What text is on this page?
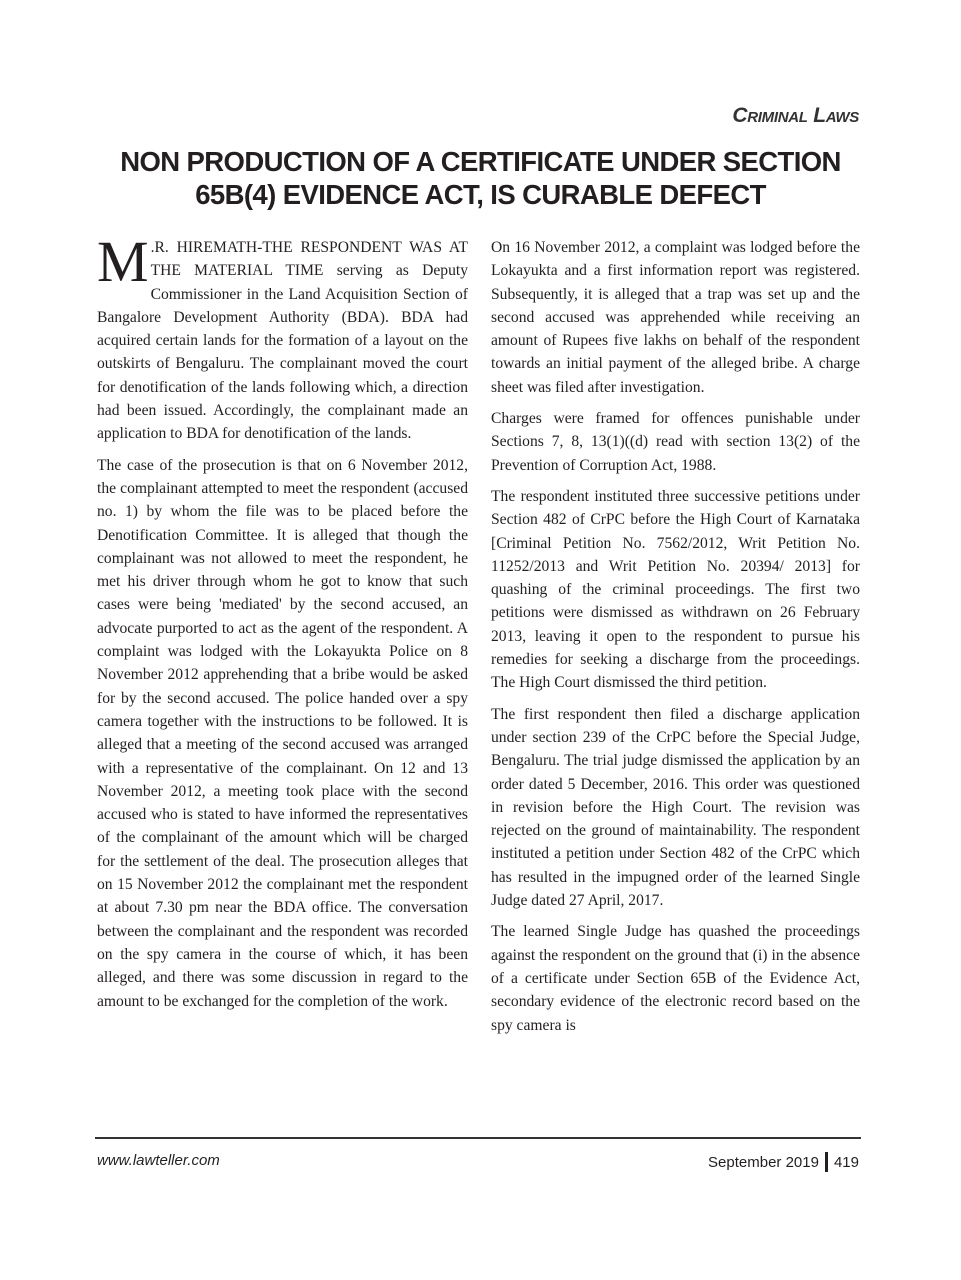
Criminal Laws
NON PRODUCTION OF A CERTIFICATE UNDER SECTION
65B(4) EVIDENCE ACT, IS CURABLE DEFECT

M .R. HIREMATH-THE RESPONDENT WAS AT THE MATERIAL TIME serving as Deputy Commissioner in the Land Acquisition Section of Bangalore Development Authority (BDA). BDA had acquired certain lands for the formation of a layout on the outskirts of Bengaluru. The complainant moved the court for denotification of the lands following which, a direction had been issued. Accordingly, the complainant made an application to BDA for denotification of the lands.

The case of the prosecution is that on 6 November 2012, the complainant attempted to meet the respondent (accused no. 1) by whom the file was to be placed before the Denotification Committee. It is alleged that though the complainant was not allowed to meet the respondent, he met his driver through whom he got to know that such cases were being 'mediated' by the second accused, an advocate purported to act as the agent of the respondent. A complaint was lodged with the Lokayukta Police on 8 November 2012 apprehending that a bribe would be asked for by the second accused. The police handed over a spy camera together with the instructions to be followed. It is alleged that a meeting of the second accused was arranged with a representative of the complainant. On 12 and 13 November 2012, a meeting took place with the second accused who is stated to have informed the representatives of the complainant of the amount which will be charged for the settlement of the deal. The prosecution alleges that on 15 November 2012 the complainant met the respondent at about 7.30 pm near the BDA office. The conversation between the complainant and the respondent was recorded on the spy camera in the course of which, it has been alleged, and there was some discussion in regard to the amount to be exchanged for the completion of the work.

On 16 November 2012, a complaint was lodged before the Lokayukta and a first information report was registered. Subsequently, it is alleged that a trap was set up and the second accused was apprehended while receiving an amount of Rupees five lakhs on behalf of the respondent towards an initial payment of the alleged bribe. A charge sheet was filed after investigation.

Charges were framed for offences punishable under Sections 7, 8, 13(1)((d) read with section 13(2) of the Prevention of Corruption Act, 1988.

The respondent instituted three successive petitions under Section 482 of CrPC before the High Court of Karnataka [Criminal Petition No. 7562/2012, Writ Petition No. 11252/2013 and Writ Petition No. 20394/ 2013] for quashing of the criminal proceedings. The first two petitions were dismissed as withdrawn on 26 February 2013, leaving it open to the respondent to pursue his remedies for seeking a discharge from the proceedings. The High Court dismissed the third petition.

The first respondent then filed a discharge application under section 239 of the CrPC before the Special Judge, Bengaluru. The trial judge dismissed the application by an order dated 5 December, 2016. This order was questioned in revision before the High Court. The revision was rejected on the ground of maintainability. The respondent instituted a petition under Section 482 of the CrPC which has resulted in the impugned order of the learned Single Judge dated 27 April, 2017.

The learned Single Judge has quashed the proceedings against the respondent on the ground that (i) in the absence of a certificate under Section 65B of the Evidence Act, secondary evidence of the electronic record based on the spy camera is

www.lawteller.com	September 2019 419
